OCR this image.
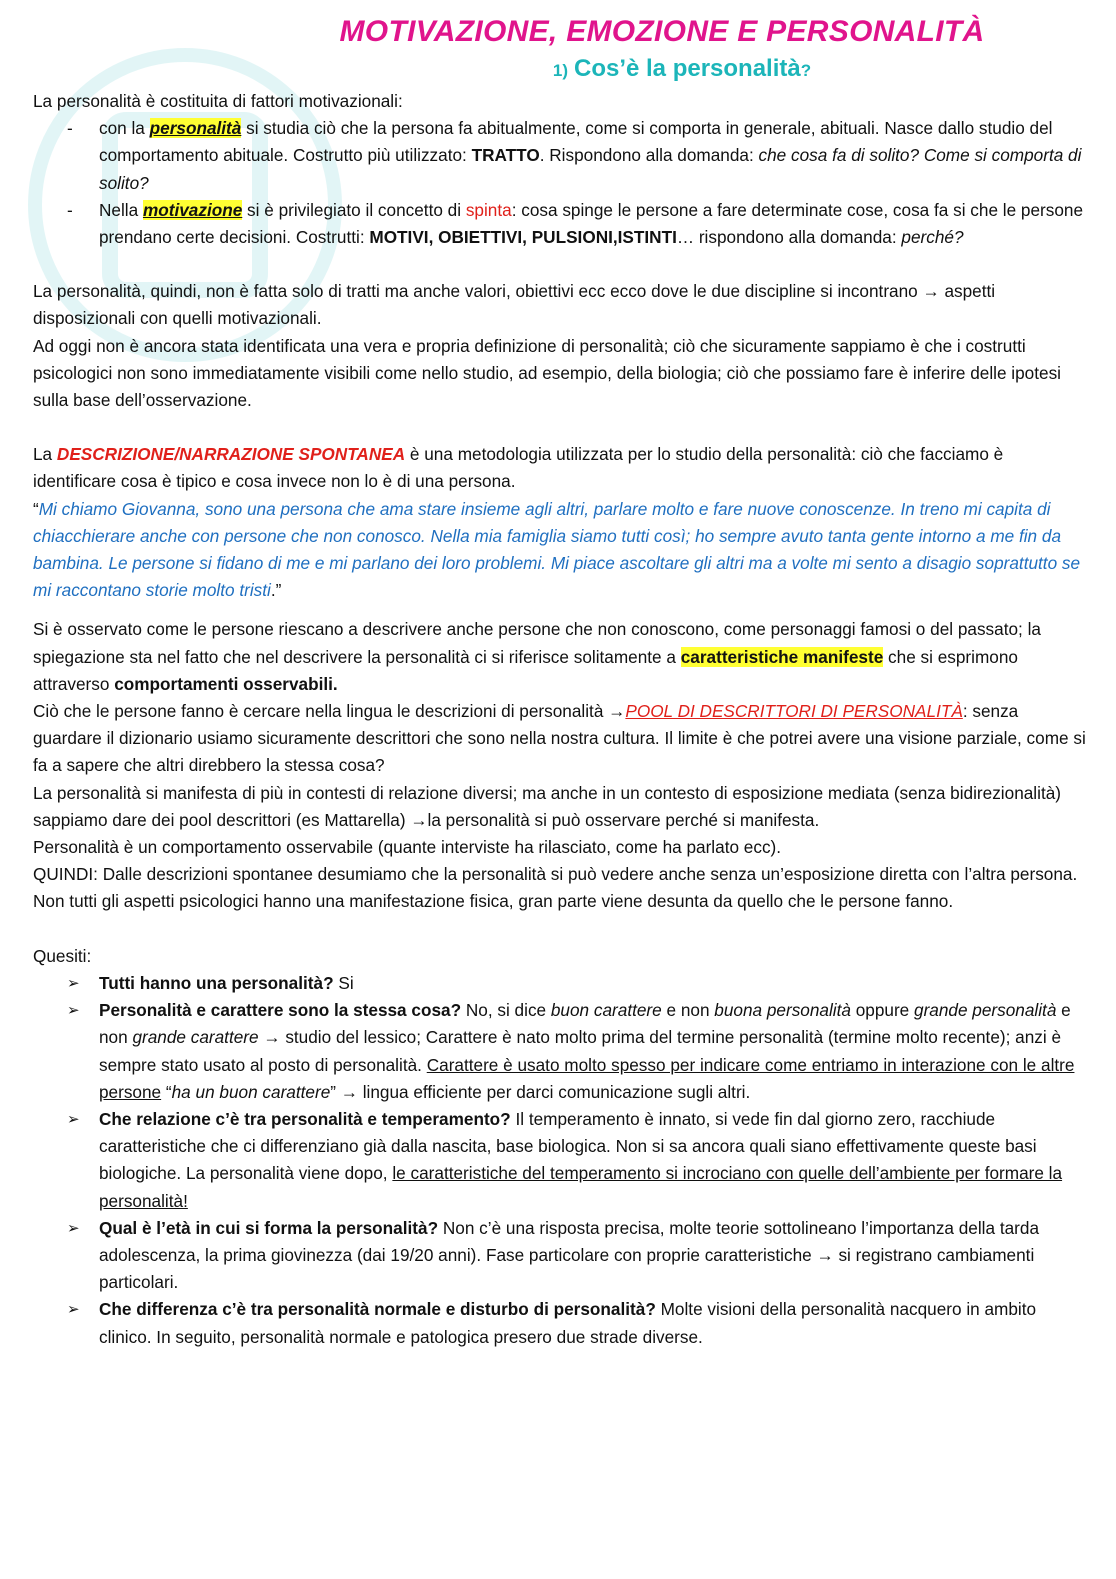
MOTIVAZIONE, EMOZIONE E PERSONALITÀ
1) Cos’è la personalità?

La personalità è costituita di fattori motivazionali:

- con la personalità si studia ciò che la persona fa abitualmente, come si comporta in generale, abituali. Nasce dallo studio del comportamento abituale. Costrutto più utilizzato: TRATTO. Rispondono alla domanda: che cosa fa di solito? Come si comporta di solito?
- Nella motivazione si è privilegiato il concetto di spinta: cosa spinge le persone a fare determinate cose, cosa fa si che le persone prendano certe decisioni. Costrutti: MOTIVI, OBIETTIVI, PULSIONI,ISTINTI… rispondono alla domanda: perché?

La personalità, quindi, non è fatta solo di tratti ma anche valori, obiettivi ecc ecco dove le due discipline si incontrano → aspetti disposizionali con quelli motivazionali.

Ad oggi non è ancora stata identificata una vera e propria definizione di personalità; ciò che sicuramente sappiamo è che i costrutti psicologici non sono immediatamente visibili come nello studio, ad esempio, della biologia; ciò che possiamo fare è inferire delle ipotesi sulla base dell’osservazione.

La DESCRIZIONE/NARRAZIONE SPONTANEA è una metodologia utilizzata per lo studio della personalità: ciò che facciamo è identificare cosa è tipico e cosa invece non lo è di una persona.

“Mi chiamo Giovanna, sono una persona che ama stare insieme agli altri, parlare molto e fare nuove conoscenze. In treno mi capita di chiacchierare anche con persone che non conosco. Nella mia famiglia siamo tutti così; ho sempre avuto tanta gente intorno a me fin da bambina. Le persone si fidano di me e mi parlano dei loro problemi. Mi piace ascoltare gli altri ma a volte mi sento a disagio soprattutto se mi raccontano storie molto tristi.”

Si è osservato come le persone riescano a descrivere anche persone che non conoscono, come personaggi famosi o del passato; la spiegazione sta nel fatto che nel descrivere la personalità ci si riferisce solitamente a caratteristiche manifeste che si esprimono attraverso comportamenti osservabili.

Ciò che le persone fanno è cercare nella lingua le descrizioni di personalità →POOL DI DESCRITTORI DI PERSONALITÀ: senza guardare il dizionario usiamo sicuramente descrittori che sono nella nostra cultura. Il limite è che potrei avere una visione parziale, come si fa a sapere che altri direbbero la stessa cosa?

La personalità si manifesta di più in contesti di relazione diversi; ma anche in un contesto di esposizione mediata (senza bidirezionalità) sappiamo dare dei pool descrittori (es Mattarella) →la personalità si può osservare perché si manifesta.

Personalità è un comportamento osservabile (quante interviste ha rilasciato, come ha parlato ecc).

QUINDI: Dalle descrizioni spontanee desumiamo che la personalità si può vedere anche senza un’esposizione diretta con l’altra persona. Non tutti gli aspetti psicologici hanno una manifestazione fisica, gran parte viene desunta da quello che le persone fanno.

Quesiti:

➢ Tutti hanno una personalità? Si
➢ Personalità e carattere sono la stessa cosa? No, si dice buon carattere e non buona personalità oppure grande personalità e non grande carattere → studio del lessico; Carattere è nato molto prima del termine personalità (termine molto recente); anzi è sempre stato usato al posto di personalità. Carattere è usato molto spesso per indicare come entriamo in interazione con le altre persone “ha un buon carattere” → lingua efficiente per darci comunicazione sugli altri.
➢ Che relazione c’è tra personalità e temperamento? Il temperamento è innato, si vede fin dal giorno zero, racchiude caratteristiche che ci differenziano già dalla nascita, base biologica. Non si sa ancora quali siano effettivamente queste basi biologiche. La personalità viene dopo, le caratteristiche del temperamento si incrociano con quelle dell’ambiente per formare la personalità!
➢ Qual è l’età in cui si forma la personalità? Non c’è una risposta precisa, molte teorie sottolineano l’importanza della tarda adolescenza, la prima giovinezza (dai 19/20 anni). Fase particolare con proprie caratteristiche → si registrano cambiamenti particolari.
➢ Che differenza c’è tra personalità normale e disturbo di personalità? Molte visioni della personalità nacquero in ambito clinico. In seguito, personalità normale e patologica presero due strade diverse.
